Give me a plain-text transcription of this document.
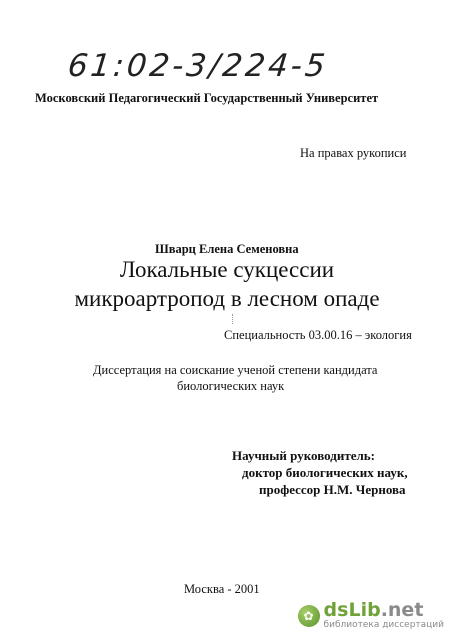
61:02-3/224-5
Московский Педагогический Государственный Университет
На правах рукописи
Шварц Елена Семеновна
Локальные сукцессии
микроартропод в лесном опаде
Специальность 03.00.16 – экология
Диссертация на соискание ученой степени кандидата
биологических наук
Научный руководитель:
доктор биологических наук,
профессор Н.М. Чернова
Москва - 2001
✿ dsLib.net
библиотека диссертаций
